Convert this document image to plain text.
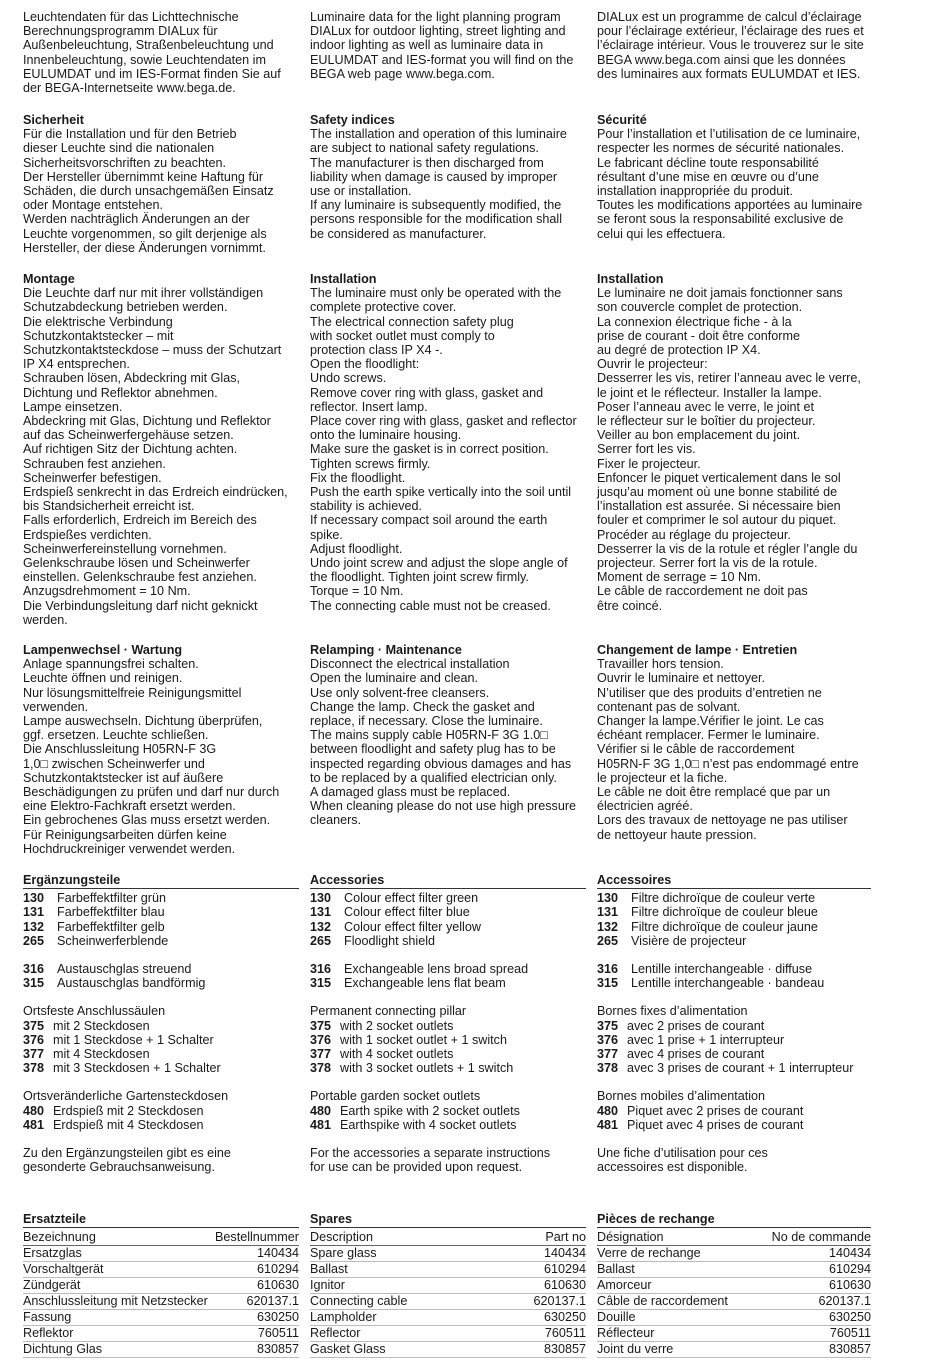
Leuchtendaten für das Lichttechnische
Berechnungsprogramm DIALux für
Außenbeleuchtung, Straßenbeleuchtung und
Innenbeleuchtung, sowie Leuchtendaten im
EULUMDAT und im IES-Format finden Sie auf
der BEGA-Internetseite www.bega.de.
Sicherheit
Für die Installation und für den Betrieb
dieser Leuchte sind die nationalen
Sicherheitsvorschriften zu beachten.
Der Hersteller übernimmt keine Haftung für
Schäden, die durch unsachgemäßen Einsatz
oder Montage entstehen.
Werden nachträglich Änderungen an der
Leuchte vorgenommen, so gilt derjenige als
Hersteller, der diese Änderungen vornimmt.
Montage
Die Leuchte darf nur mit ihrer vollständigen
Schutzabdeckung betrieben werden.
Die elektrische Verbindung
Schutzkontaktstecker – mit
Schutzkontaktsteckdose – muss der Schutzart
IP X4 entsprechen.
Schrauben lösen, Abdeckring mit Glas,
Dichtung und Reflektor abnehmen.
Lampe einsetzen.
Abdeckring mit Glas, Dichtung und Reflektor
auf das Scheinwerfergehäuse setzen.
Auf richtigen Sitz der Dichtung achten.
Schrauben fest anziehen.
Scheinwerfer befestigen.
Erdspieß senkrecht in das Erdreich eindrücken,
bis Standsicherheit erreicht ist.
Falls erforderlich, Erdreich im Bereich des
Erdspießes verdichten.
Scheinwerfereinstellung vornehmen.
Gelenkschraube lösen und Scheinwerfer
einstellen. Gelenkschraube fest anziehen.
Anzugsdrehmoment = 10 Nm.
Die Verbindungsleitung darf nicht geknickt
werden.
Lampenwechsel · Wartung
Anlage spannungsfrei schalten.
Leuchte öffnen und reinigen.
Nur lösungsmittelfreie Reinigungsmittel
verwenden.
Lampe auswechseln. Dichtung überprüfen,
ggf. ersetzen. Leuchte schließen.
Die Anschlussleitung H05RN-F 3G
1,0□ zwischen Scheinwerfer und
Schutzkontaktstecker ist auf äußere
Beschädigungen zu prüfen und darf nur durch
eine Elektro-Fachkraft ersetzt werden.
Ein gebrochenes Glas muss ersetzt werden.
Für Reinigungsarbeiten dürfen keine
Hochdruckreiniger verwendet werden.
Ergänzungsteile
130	Farbeffektfilter grün
131	Farbeffektfilter blau
132	Farbeffektfilter gelb
265	Scheinwerferblende
316	Austauschglas streuend
315	Austauschglas bandförmig
Ortsfeste Anschlussäulen
375 mit 2 Steckdosen
376 mit 1 Steckdose + 1 Schalter
377 mit 4 Steckdosen
378 mit 3 Steckdosen + 1 Schalter
Ortsveränderliche Gartensteckdosen
480 Erdspieß mit 2 Steckdosen
481 Erdspieß mit 4 Steckdosen
Zu den Ergänzungsteilen gibt es eine
gesonderte Gebrauchsanweisung.
Ersatzteile
Bezeichnung	Bestellnummer
Ersatzglas	140434
Vorschaltgerät	610294
Zündgerät	610630
Anschlussleitung mit Netzstecker	620137.1
Fassung	630250
Reflektor	760511
Dichtung Glas	830857
Luminaire data for the light planning program
DIALux for outdoor lighting, street lighting and
indoor lighting as well as luminaire data in
EULUMDAT and IES-format you will find on the
BEGA web page www.bega.com.
Safety indices
The installation and operation of this luminaire
are subject to national safety regulations.
The manufacturer is then discharged from
liability when damage is caused by improper
use or installation.
If any luminaire is subsequently modified, the
persons responsible for the modification shall
be considered as manufacturer.
Installation
The luminaire must only be operated with the
complete protective cover.
The electrical connection safety plug
with socket outlet must comply to
protection class IP X4 -.
Open the floodlight:
Undo screws.
Remove cover ring with glass, gasket and
reflector. Insert lamp.
Place cover ring with glass, gasket and reflector
onto the luminaire housing.
Make sure the gasket is in correct position.
Tighten screws firmly.
Fix the floodlight.
Push the earth spike vertically into the soil until
stability is achieved.
If necessary compact soil around the earth
spike.
Adjust floodlight.
Undo joint screw and adjust the slope angle of
the floodlight. Tighten joint screw firmly.
Torque = 10 Nm.
The connecting cable must not be creased.
Relamping · Maintenance
Disconnect the electrical installation
Open the luminaire and clean.
Use only solvent-free cleansers.
Change the lamp. Check the gasket and
replace, if necessary. Close the luminaire.
The mains supply cable H05RN-F 3G 1.0□
between floodlight and safety plug has to be
inspected regarding obvious damages and has
to be replaced by a qualified electrician only.
A damaged glass must be replaced.
When cleaning please do not use high pressure
cleaners.
Accessories
130	Colour effect filter green
131	Colour effect filter blue
132	Colour effect filter yellow
265	Floodlight shield
316	Exchangeable lens broad spread
315	Exchangeable lens flat beam
Permanent connecting pillar
375 with 2 socket outlets
376 with 1 socket outlet + 1 switch
377 with 4 socket outlets
378 with 3 socket outlets + 1 switch
Portable garden socket outlets
480 Earth spike with 2 socket outlets
481 Earthspike with 4 socket outlets
For the accessories a separate instructions
for use can be provided upon request.
Spares
Description	Part no
Spare glass	140434
Ballast	610294
Ignitor	610630
Connecting cable	620137.1
Lampholder	630250
Reflector	760511
Gasket Glass	830857
DIALux est un programme de calcul d’éclairage
pour l’éclairage extérieur, l’éclairage des rues et
l’éclairage intérieur. Vous le trouverez sur le site
BEGA www.bega.com ainsi que les données
des luminaires aux formats EULUMDAT et IES.
Sécurité
Pour l’installation et l’utilisation de ce luminaire,
respecter les normes de sécurité nationales.
Le fabricant décline toute responsabilité
résultant d’une mise en œuvre ou d’une
installation inappropriée du produit.
Toutes les modifications apportées au luminaire
se feront sous la responsabilité exclusive de
celui qui les effectuera.
Installation
Le luminaire ne doit jamais fonctionner sans
son couvercle complet de protection.
La connexion électrique fiche - à la
prise de courant - doit être conforme
au degré de protection IP X4.
Ouvrir le projecteur:
Desserrer les vis, retirer l’anneau avec le verre,
le joint et le réflecteur. Installer la lampe.
Poser l’anneau avec le verre, le joint et
le réflecteur sur le boîtier du projecteur.
Veiller au bon emplacement du joint.
Serrer fort les vis.
Fixer le projecteur.
Enfoncer le piquet verticalement dans le sol
jusqu’au moment où une bonne stabilité de
l’installation est assurée. Si nécessaire bien
fouler et comprimer le sol autour du piquet.
Procéder au réglage du projecteur.
Desserrer la vis de la rotule et régler l’angle du
projecteur. Serrer fort la vis de la rotule.
Moment de serrage = 10 Nm.
Le câble de raccordement ne doit pas
être coincé.
Changement de lampe · Entretien
Travailler hors tension.
Ouvrir le luminaire et nettoyer.
N’utiliser que des produits d’entretien ne
contenant pas de solvant.
Changer la lampe.Vérifier le joint. Le cas
échéant remplacer. Fermer le luminaire.
Vérifier si le câble de raccordement
H05RN-F 3G 1,0□ n’est pas endommagé entre
le projecteur et la fiche.
Le câble ne doit être remplacé que par un
électricien agréé.
Lors des travaux de nettoyage ne pas utiliser
de nettoyeur haute pression.
Accessoires
130	Filtre dichroïque de couleur verte
131	Filtre dichroïque de couleur bleue
132	Filtre dichroïque de couleur jaune
265	Visière de projecteur
316	Lentille interchangeable · diffuse
315	Lentille interchangeable · bandeau
Bornes fixes d’alimentation
375 avec 2 prises de courant
376 avec 1 prise + 1 interrupteur
377 avec 4 prises de courant
378 avec 3 prises de courant + 1 interrupteur
Bornes mobiles d’alimentation
480 Piquet avec 2 prises de courant
481 Piquet avec 4 prises de courant
Une fiche d’utilisation pour ces
accessoires est disponible.
Pièces de rechange
Désignation	No de commande
Verre de rechange	140434
Ballast	610294
Amorceur	610630
Câble de raccordement	620137.1
Douille	630250
Réflecteur	760511
Joint du verre	830857
